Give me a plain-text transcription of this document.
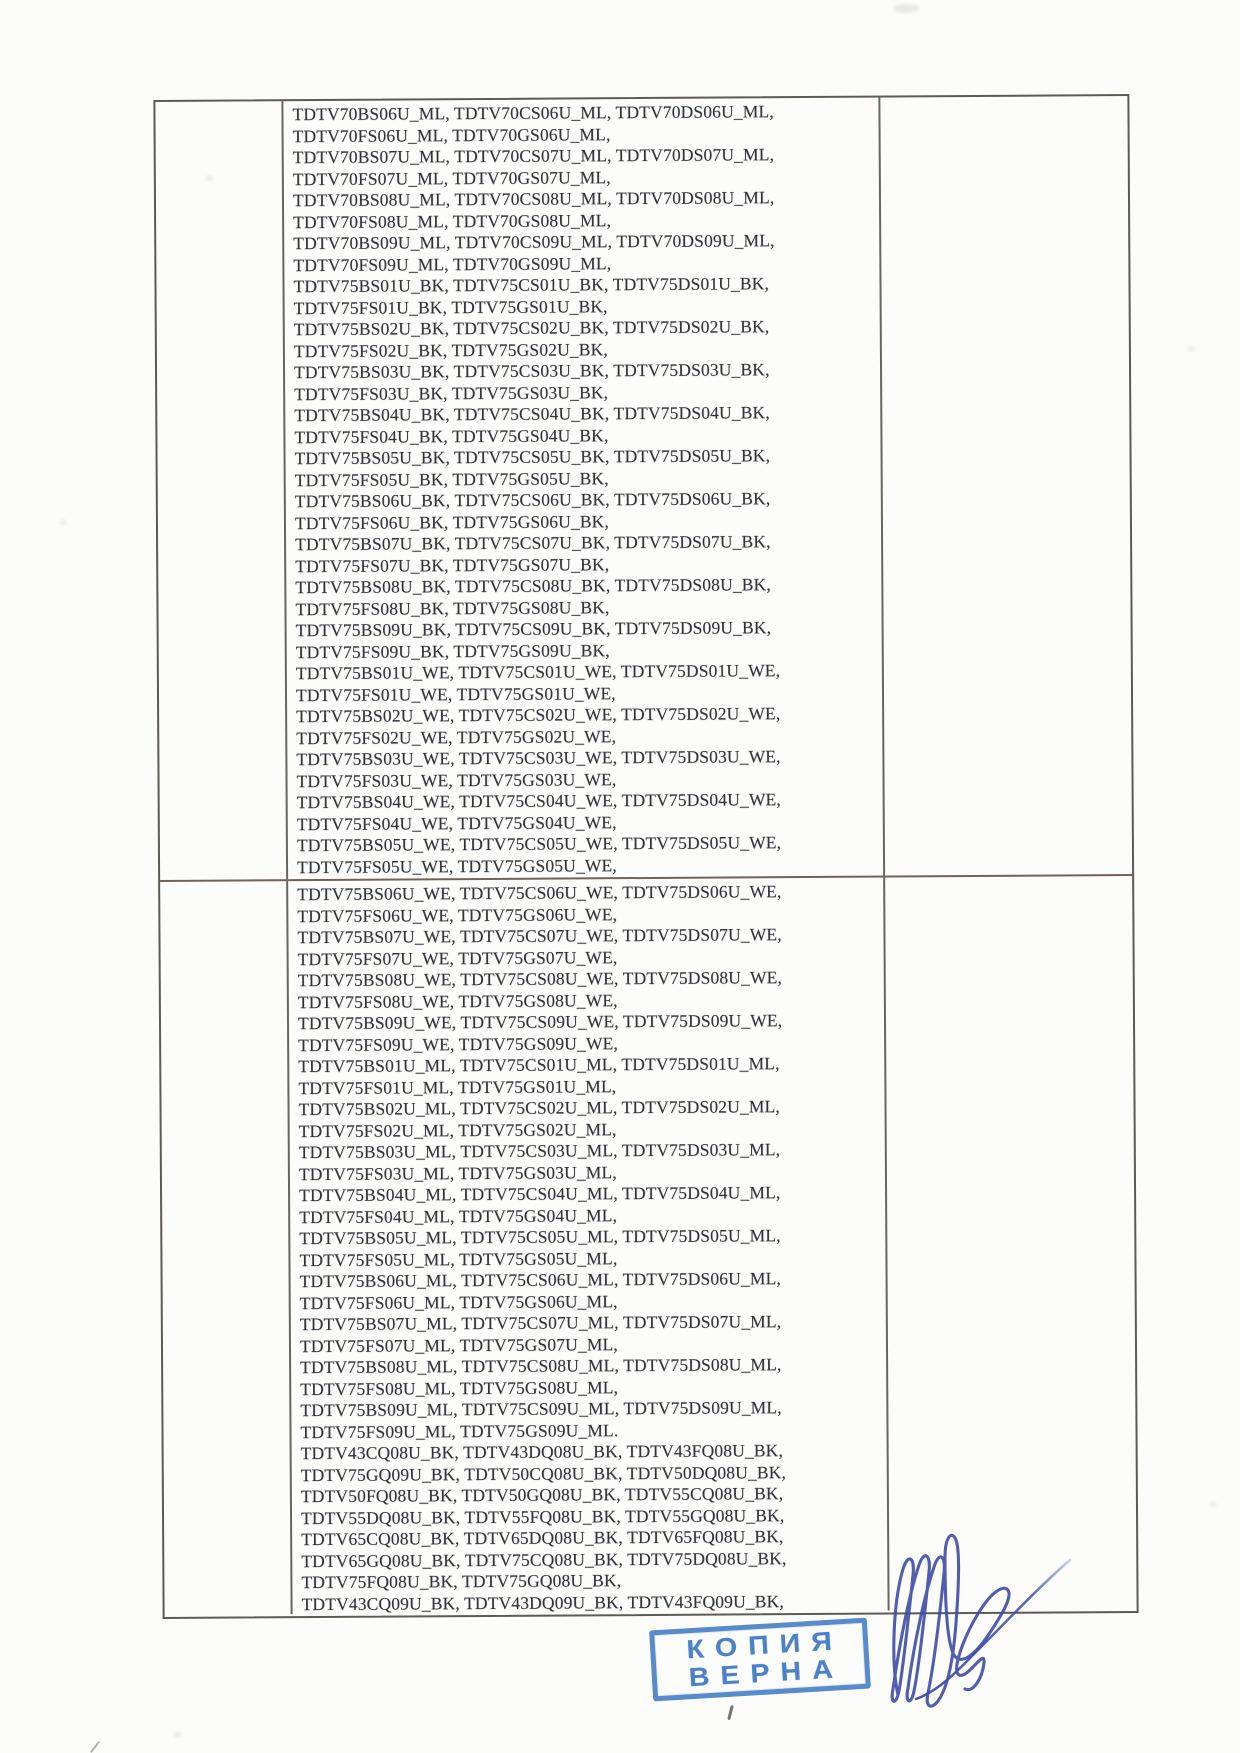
TDTV70BS06U_ML, TDTV70CS06U_ML, TDTV70DS06U_ML,
TDTV70FS06U_ML, TDTV70GS06U_ML,
TDTV70BS07U_ML, TDTV70CS07U_ML, TDTV70DS07U_ML,
TDTV70FS07U_ML, TDTV70GS07U_ML,
TDTV70BS08U_ML, TDTV70CS08U_ML, TDTV70DS08U_ML,
TDTV70FS08U_ML, TDTV70GS08U_ML,
TDTV70BS09U_ML, TDTV70CS09U_ML, TDTV70DS09U_ML,
TDTV70FS09U_ML, TDTV70GS09U_ML,
TDTV75BS01U_BK, TDTV75CS01U_BK, TDTV75DS01U_BK,
TDTV75FS01U_BK, TDTV75GS01U_BK,
TDTV75BS02U_BK, TDTV75CS02U_BK, TDTV75DS02U_BK,
TDTV75FS02U_BK, TDTV75GS02U_BK,
TDTV75BS03U_BK, TDTV75CS03U_BK, TDTV75DS03U_BK,
TDTV75FS03U_BK, TDTV75GS03U_BK,
TDTV75BS04U_BK, TDTV75CS04U_BK, TDTV75DS04U_BK,
TDTV75FS04U_BK, TDTV75GS04U_BK,
TDTV75BS05U_BK, TDTV75CS05U_BK, TDTV75DS05U_BK,
TDTV75FS05U_BK, TDTV75GS05U_BK,
TDTV75BS06U_BK, TDTV75CS06U_BK, TDTV75DS06U_BK,
TDTV75FS06U_BK, TDTV75GS06U_BK,
TDTV75BS07U_BK, TDTV75CS07U_BK, TDTV75DS07U_BK,
TDTV75FS07U_BK, TDTV75GS07U_BK,
TDTV75BS08U_BK, TDTV75CS08U_BK, TDTV75DS08U_BK,
TDTV75FS08U_BK, TDTV75GS08U_BK,
TDTV75BS09U_BK, TDTV75CS09U_BK, TDTV75DS09U_BK,
TDTV75FS09U_BK, TDTV75GS09U_BK,
TDTV75BS01U_WE, TDTV75CS01U_WE, TDTV75DS01U_WE,
TDTV75FS01U_WE, TDTV75GS01U_WE,
TDTV75BS02U_WE, TDTV75CS02U_WE, TDTV75DS02U_WE,
TDTV75FS02U_WE, TDTV75GS02U_WE,
TDTV75BS03U_WE, TDTV75CS03U_WE, TDTV75DS03U_WE,
TDTV75FS03U_WE, TDTV75GS03U_WE,
TDTV75BS04U_WE, TDTV75CS04U_WE, TDTV75DS04U_WE,
TDTV75FS04U_WE, TDTV75GS04U_WE,
TDTV75BS05U_WE, TDTV75CS05U_WE, TDTV75DS05U_WE,
TDTV75FS05U_WE, TDTV75GS05U_WE,
TDTV75BS06U_WE, TDTV75CS06U_WE, TDTV75DS06U_WE,
TDTV75FS06U_WE, TDTV75GS06U_WE,
TDTV75BS07U_WE, TDTV75CS07U_WE, TDTV75DS07U_WE,
TDTV75FS07U_WE, TDTV75GS07U_WE,
TDTV75BS08U_WE, TDTV75CS08U_WE, TDTV75DS08U_WE,
TDTV75FS08U_WE, TDTV75GS08U_WE,
TDTV75BS09U_WE, TDTV75CS09U_WE, TDTV75DS09U_WE,
TDTV75FS09U_WE, TDTV75GS09U_WE,
TDTV75BS01U_ML, TDTV75CS01U_ML, TDTV75DS01U_ML,
TDTV75FS01U_ML, TDTV75GS01U_ML,
TDTV75BS02U_ML, TDTV75CS02U_ML, TDTV75DS02U_ML,
TDTV75FS02U_ML, TDTV75GS02U_ML,
TDTV75BS03U_ML, TDTV75CS03U_ML, TDTV75DS03U_ML,
TDTV75FS03U_ML, TDTV75GS03U_ML,
TDTV75BS04U_ML, TDTV75CS04U_ML, TDTV75DS04U_ML,
TDTV75FS04U_ML, TDTV75GS04U_ML,
TDTV75BS05U_ML, TDTV75CS05U_ML, TDTV75DS05U_ML,
TDTV75FS05U_ML, TDTV75GS05U_ML,
TDTV75BS06U_ML, TDTV75CS06U_ML, TDTV75DS06U_ML,
TDTV75FS06U_ML, TDTV75GS06U_ML,
TDTV75BS07U_ML, TDTV75CS07U_ML, TDTV75DS07U_ML,
TDTV75FS07U_ML, TDTV75GS07U_ML,
TDTV75BS08U_ML, TDTV75CS08U_ML, TDTV75DS08U_ML,
TDTV75FS08U_ML, TDTV75GS08U_ML,
TDTV75BS09U_ML, TDTV75CS09U_ML, TDTV75DS09U_ML,
TDTV75FS09U_ML, TDTV75GS09U_ML.
TDTV43CQ08U_BK, TDTV43DQ08U_BK, TDTV43FQ08U_BK,
TDTV75GQ09U_BK, TDTV50CQ08U_BK, TDTV50DQ08U_BK,
TDTV50FQ08U_BK, TDTV50GQ08U_BK, TDTV55CQ08U_BK,
TDTV55DQ08U_BK, TDTV55FQ08U_BK, TDTV55GQ08U_BK,
TDTV65CQ08U_BK, TDTV65DQ08U_BK, TDTV65FQ08U_BK,
TDTV65GQ08U_BK, TDTV75CQ08U_BK, TDTV75DQ08U_BK,
TDTV75FQ08U_BK, TDTV75GQ08U_BK,
TDTV43CQ09U_BK, TDTV43DQ09U_BK, TDTV43FQ09U_BK,
КОПИЯ
ВЕРНА
